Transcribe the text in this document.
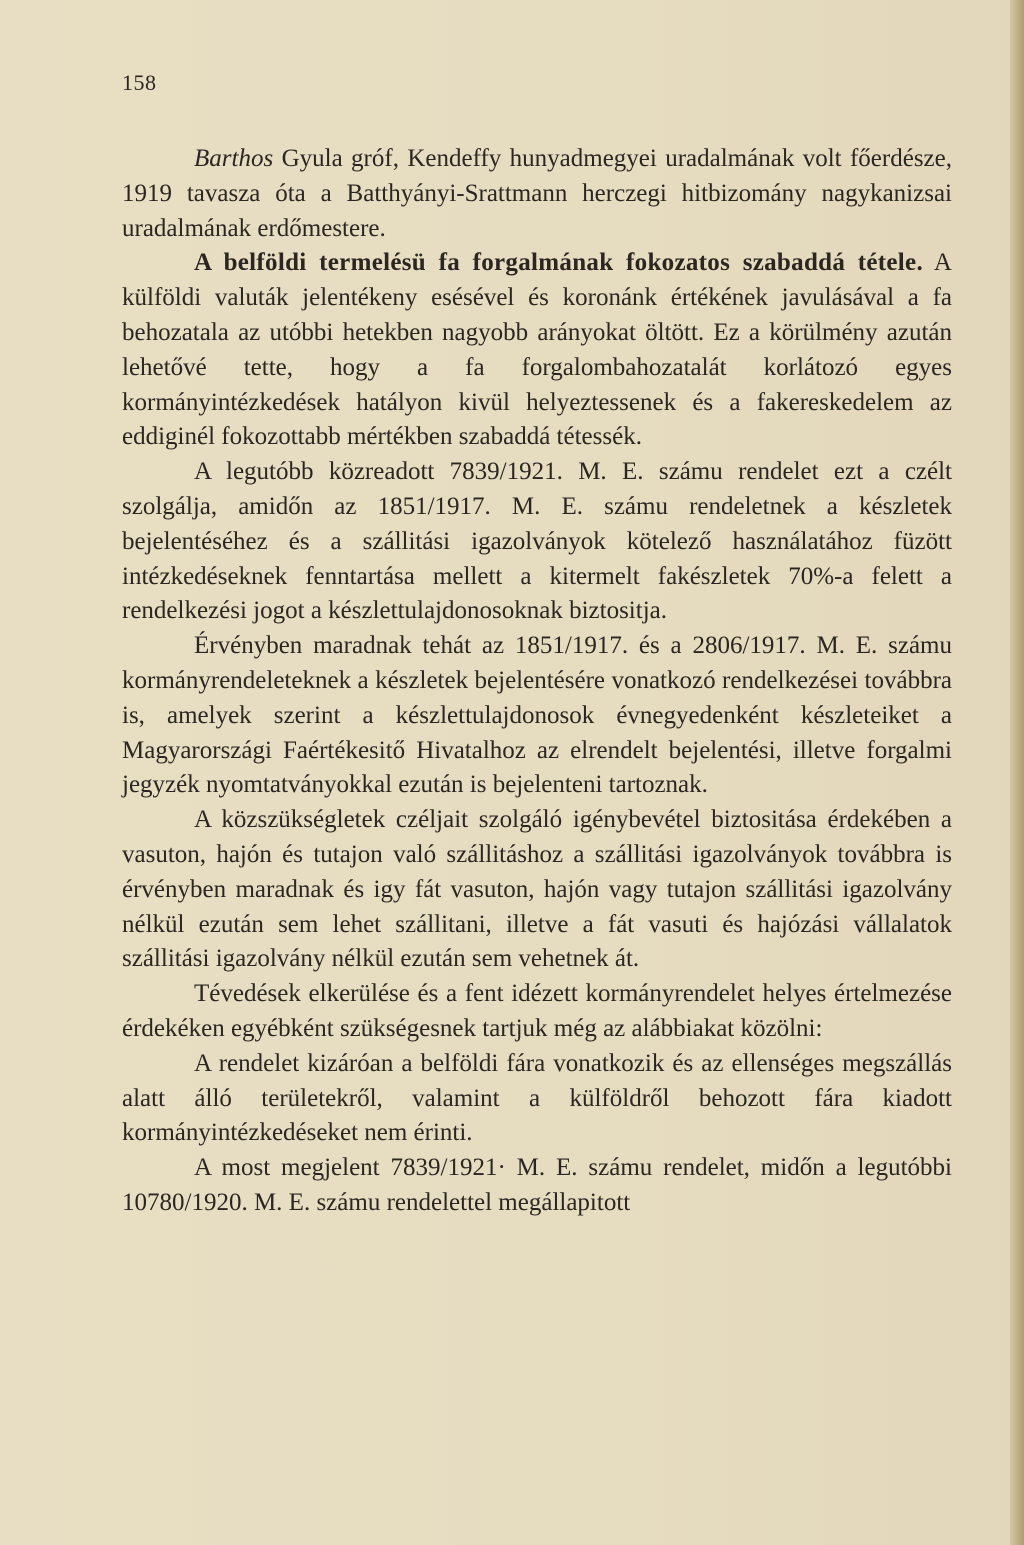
158

Barthos Gyula gróf, Kendeffy hunyadmegyei uradalmának volt főerdésze, 1919 tavasza óta a Batthyányi-Srattmann herczegi hitbizomány nagykanizsai uradalmának erdőmestere.

A belföldi termelésü fa forgalmának fokozatos szabaddá tétele. A külföldi valuták jelentékeny esésével és koronánk értékének javulásával a fa behozatala az utóbbi hetekben nagyobb arányokat öltött. Ez a körülmény azután lehetővé tette, hogy a fa forgalombahozatalát korlátozó egyes kormányintézkedések hatályon kivül helyeztessenek és a fakereskedelem az eddiginél fokozottabb mértékben szabaddá tétessék.

A legutóbb közreadott 7839/1921. M. E. számu rendelet ezt a czélt szolgálja, amidőn az 1851/1917. M. E. számu rendeletnek a készletek bejelentéséhez és a szállitási igazolványok kötelező használatához füzött intézkedéseknek fenntartása mellett a kitermelt fakészletek 70%-a felett a rendelkezési jogot a készlettulajdonosoknak biztositja.

Érvényben maradnak tehát az 1851/1917. és a 2806/1917. M. E. számu kormányrendeleteknek a készletek bejelentésére vonatkozó rendelkezései továbbra is, amelyek szerint a készlettulajdonosok évnegyedenként készleteiket a Magyarországi Faértékesitő Hivatalhoz az elrendelt bejelentési, illetve forgalmi jegyzék nyomtatványokkal ezután is bejelenteni tartoznak.

A közszükségletek czéljait szolgáló igénybevétel biztositása érdekében a vasuton, hajón és tutajon való szállitáshoz a szállitási igazolványok továbbra is érvényben maradnak és igy fát vasuton, hajón vagy tutajon szállitási igazolvány nélkül ezután sem lehet szállitani, illetve a fát vasuti és hajózási vállalatok szállitási igazolvány nélkül ezután sem vehetnek át.

Tévedések elkerülése és a fent idézett kormányrendelet helyes értelmezése érdekéken egyébként szükségesnek tartjuk még az alábbiakat közölni:

A rendelet kizáróan a belföldi fára vonatkozik és az ellenséges megszállás alatt álló területekről, valamint a külföldről behozott fára kiadott kormányintézkedéseket nem érinti.

A most megjelent 7839/1921· M. E. számu rendelet, midőn a legutóbbi 10780/1920. M. E. számu rendelettel megállapitott
